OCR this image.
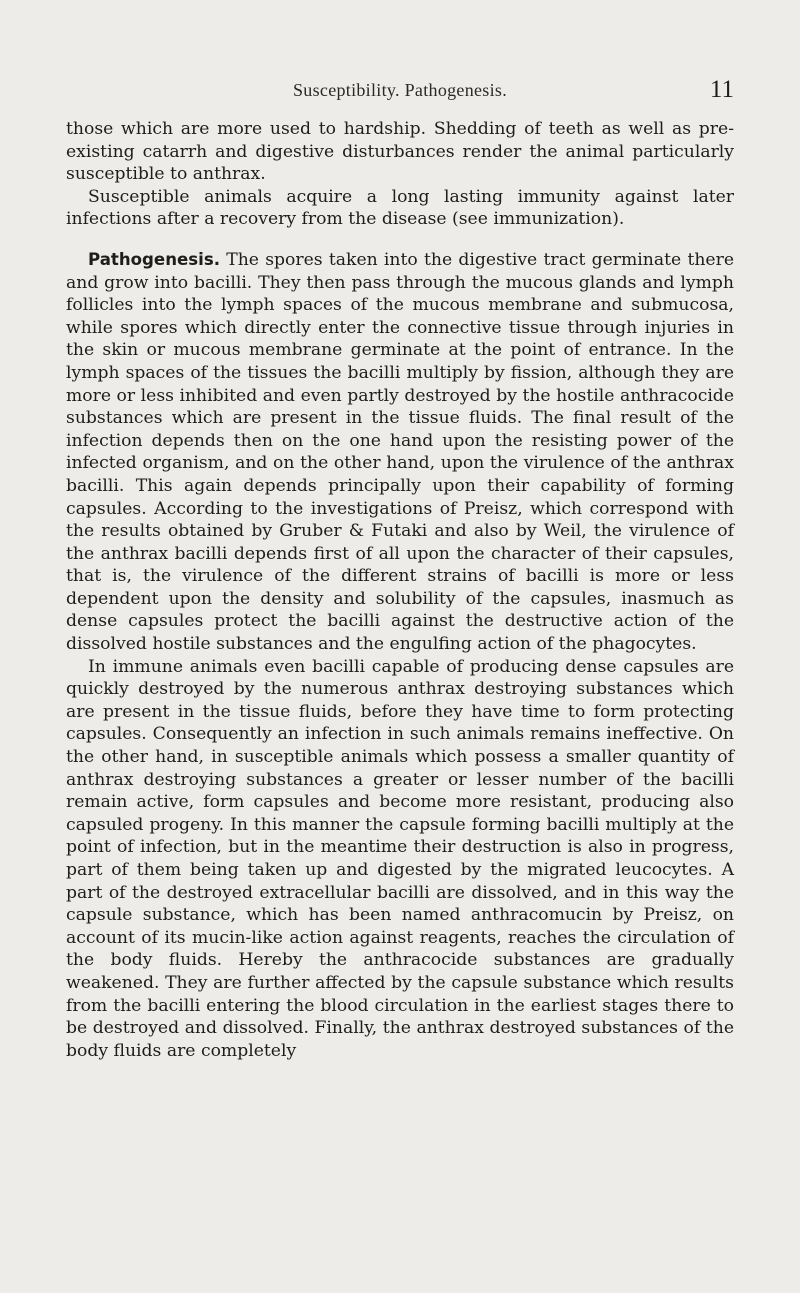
Susceptibility. Pathogenesis.	11

those which are more used to hardship. Shedding of teeth as well as pre-existing catarrh and digestive disturbances render the animal particularly susceptible to anthrax.

Susceptible animals acquire a long lasting immunity against later infections after a recovery from the disease (see immunization).

Pathogenesis. The spores taken into the digestive tract germinate there and grow into bacilli. They then pass through the mucous glands and lymph follicles into the lymph spaces of the mucous membrane and submucosa, while spores which directly enter the connective tissue through injuries in the skin or mucous membrane germinate at the point of entrance. In the lymph spaces of the tissues the bacilli multiply by fission, although they are more or less inhibited and even partly destroyed by the hostile anthracocide substances which are present in the tissue fluids. The final result of the infection depends then on the one hand upon the resisting power of the infected organism, and on the other hand, upon the virulence of the anthrax bacilli. This again depends principally upon their capability of forming capsules. According to the investigations of Preisz, which correspond with the results obtained by Gruber & Futaki and also by Weil, the virulence of the anthrax bacilli depends first of all upon the character of their capsules, that is, the virulence of the different strains of bacilli is more or less dependent upon the density and solubility of the capsules, inasmuch as dense capsules protect the bacilli against the destructive action of the dissolved hostile substances and the engulfing action of the phagocytes.

In immune animals even bacilli capable of producing dense capsules are quickly destroyed by the numerous anthrax destroying substances which are present in the tissue fluids, before they have time to form protecting capsules. Consequently an infection in such animals remains ineffective. On the other hand, in susceptible animals which possess a smaller quantity of anthrax destroying substances a greater or lesser number of the bacilli remain active, form capsules and become more resistant, producing also capsuled progeny. In this manner the capsule forming bacilli multiply at the point of infection, but in the meantime their destruction is also in progress, part of them being taken up and digested by the migrated leucocytes. A part of the destroyed extracellular bacilli are dissolved, and in this way the capsule substance, which has been named anthracomucin by Preisz, on account of its mucin-like action against reagents, reaches the circulation of the body fluids. Hereby the anthracocide substances are gradually weakened. They are further affected by the capsule substance which results from the bacilli entering the blood circulation in the earliest stages there to be destroyed and dissolved. Finally, the anthrax destroyed substances of the body fluids are completely
